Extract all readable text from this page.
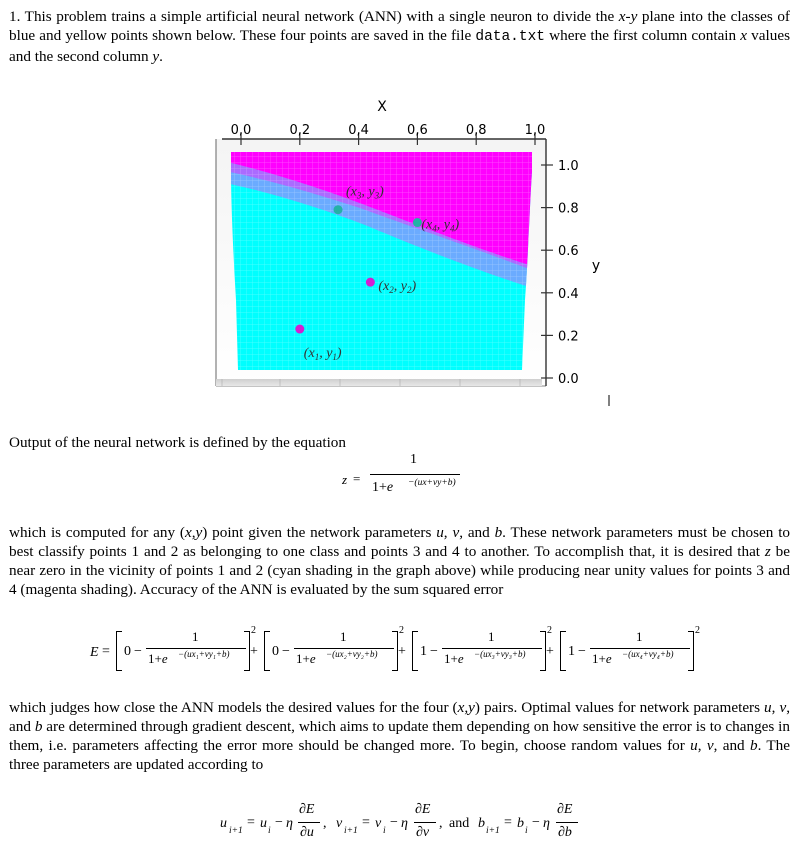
1. This problem trains a simple artificial neural network (ANN) with a single neuron to divide the x-y plane into the classes of blue and yellow points shown below. These four points are saved in the file data.txt where the first column contain x values and the second column y.
0,0	0,2	0,4	0,6	0,8	1,0
1.0
0.8
0.6
0.4
0.2
0.0
X
y
($x_1$, $y_1$)
($x_2$, $y_2$)
($x_3$, $y_3$)
($x_4$, $y_4$)
Output of the neural network is defined by the equation
z =
1
1+e −(ux+vy+b)
which is computed for any (x,y) point given the network parameters u, v, and b. These network parameters must be chosen to best classify points 1 and 2 as belonging to one class and points 3 and 4 to another. To accomplish that, it is desired that z be near zero in the vicinity of points 1 and 2 (cyan shading in the graph above) while producing near unity values for points 3 and 4 (magenta shading). Accuracy of the ANN is evaluated by the sum squared error
E = 0 −
1
1+e −(ux₁+vy₁+b)
2
+ 0 −
1
1+e −(ux₂+vy₂+b)
2
+ 1 −
1
1+e −(ux₃+vy₃+b)
2
+ 1 −
1
1+e −(ux₄+vy₄+b)
2
which judges how close the ANN models the desired values for the four (x,y) pairs. Optimal values for network parameters u, v, and b are determined through gradient descent, which aims to update them depending on how sensitive the error is to changes in them, i.e. parameters affecting the error more should be changed more. To begin, choose random values for u, v, and b. The three parameters are updated according to
u i+1
= u i
− η
∂E
∂u
, v i+1
= v i
− η
∂E
∂v
, and b i+1
= b i
− η
∂E
∂b
